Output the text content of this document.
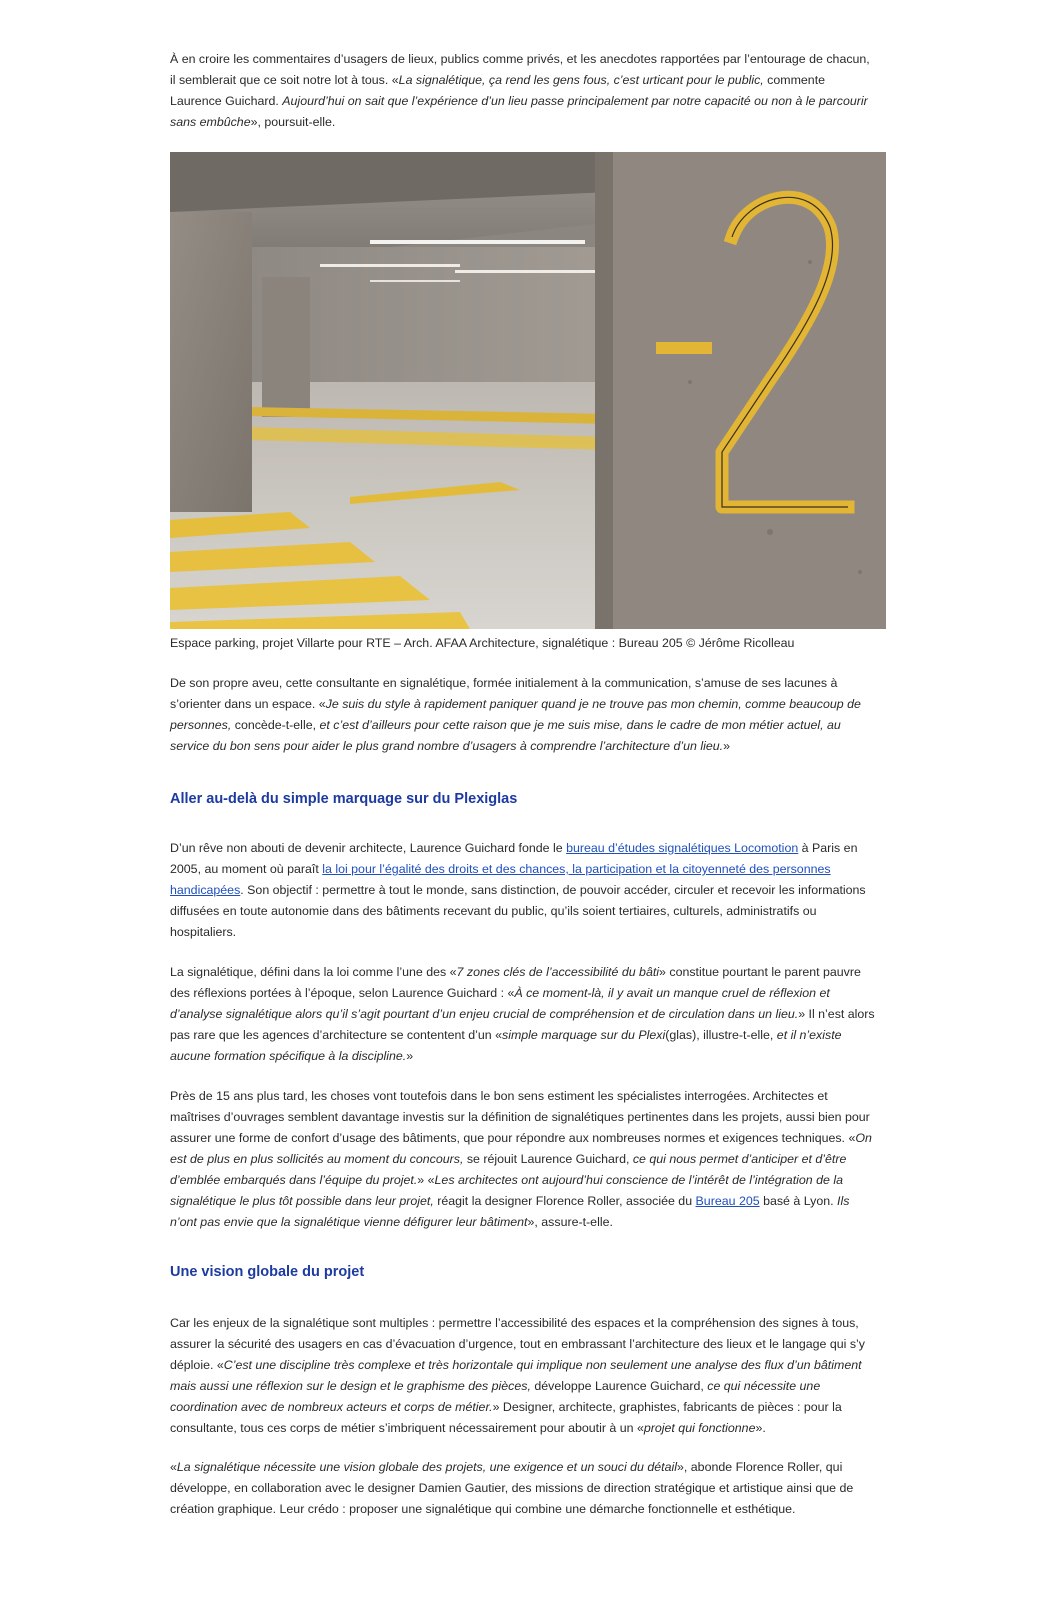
À en croire les commentaires d’usagers de lieux, publics comme privés, et les anecdotes rapportées par l’entourage de chacun, il semblerait que ce soit notre lot à tous. «La signalétique, ça rend les gens fous, c’est urticant pour le public, commente Laurence Guichard. Aujourd’hui on sait que l’expérience d’un lieu passe principalement par notre capacité ou non à le parcourir sans embûche», poursuit-elle.

Espace parking, projet Villarte pour RTE – Arch. AFAA Architecture, signalétique : Bureau 205 © Jérôme Ricolleau

De son propre aveu, cette consultante en signalétique, formée initialement à la communication, s’amuse de ses lacunes à s’orienter dans un espace. «Je suis du style à rapidement paniquer quand je ne trouve pas mon chemin, comme beaucoup de personnes, concède-t-elle, et c’est d’ailleurs pour cette raison que je me suis mise, dans le cadre de mon métier actuel, au service du bon sens pour aider le plus grand nombre d’usagers à comprendre l’architecture d’un lieu.»

Aller au-delà du simple marquage sur du Plexiglas

D’un rêve non abouti de devenir architecte, Laurence Guichard fonde le bureau d’études signalétiques Locomotion à Paris en 2005, au moment où paraît la loi pour l’égalité des droits et des chances, la participation et la citoyenneté des personnes handicapées. Son objectif : permettre à tout le monde, sans distinction, de pouvoir accéder, circuler et recevoir les informations diffusées en toute autonomie dans des bâtiments recevant du public, qu’ils soient tertiaires, culturels, administratifs ou hospitaliers.

La signalétique, défini dans la loi comme l’une des «7 zones clés de l’accessibilité du bâti» constitue pourtant le parent pauvre des réflexions portées à l’époque, selon Laurence Guichard : «À ce moment-là, il y avait un manque cruel de réflexion et d’analyse signalétique alors qu’il s’agit pourtant d’un enjeu crucial de compréhension et de circulation dans un lieu.» Il n’est alors pas rare que les agences d’architecture se contentent d’un «simple marquage sur du Plexi(glas), illustre-t-elle, et il n’existe aucune formation spécifique à la discipline.»

Près de 15 ans plus tard, les choses vont toutefois dans le bon sens estiment les spécialistes interrogées. Architectes et maîtrises d’ouvrages semblent davantage investis sur la définition de signalétiques pertinentes dans les projets, aussi bien pour assurer une forme de confort d’usage des bâtiments, que pour répondre aux nombreuses normes et exigences techniques. «On est de plus en plus sollicités au moment du concours, se réjouit Laurence Guichard, ce qui nous permet d’anticiper et d’être d’emblée embarqués dans l’équipe du projet.» «Les architectes ont aujourd’hui conscience de l’intérêt de l’intégration de la signalétique le plus tôt possible dans leur projet, réagit la designer Florence Roller, associée du Bureau 205 basé à Lyon. Ils n’ont pas envie que la signalétique vienne défigurer leur bâtiment», assure-t-elle.

Une vision globale du projet

Car les enjeux de la signalétique sont multiples : permettre l’accessibilité des espaces et la compréhension des signes à tous, assurer la sécurité des usagers en cas d’évacuation d’urgence, tout en embrassant l’architecture des lieux et le langage qui s’y déploie. «C’est une discipline très complexe et très horizontale qui implique non seulement une analyse des flux d’un bâtiment mais aussi une réflexion sur le design et le graphisme des pièces, développe Laurence Guichard, ce qui nécessite une coordination avec de nombreux acteurs et corps de métier.» Designer, architecte, graphistes, fabricants de pièces : pour la consultante, tous ces corps de métier s’imbriquent nécessairement pour aboutir à un «projet qui fonctionne».

«La signalétique nécessite une vision globale des projets, une exigence et un souci du détail», abonde Florence Roller, qui développe, en collaboration avec le designer Damien Gautier, des missions de direction stratégique et artistique ainsi que de création graphique. Leur crédo : proposer une signalétique qui combine une démarche fonctionnelle et esthétique.
